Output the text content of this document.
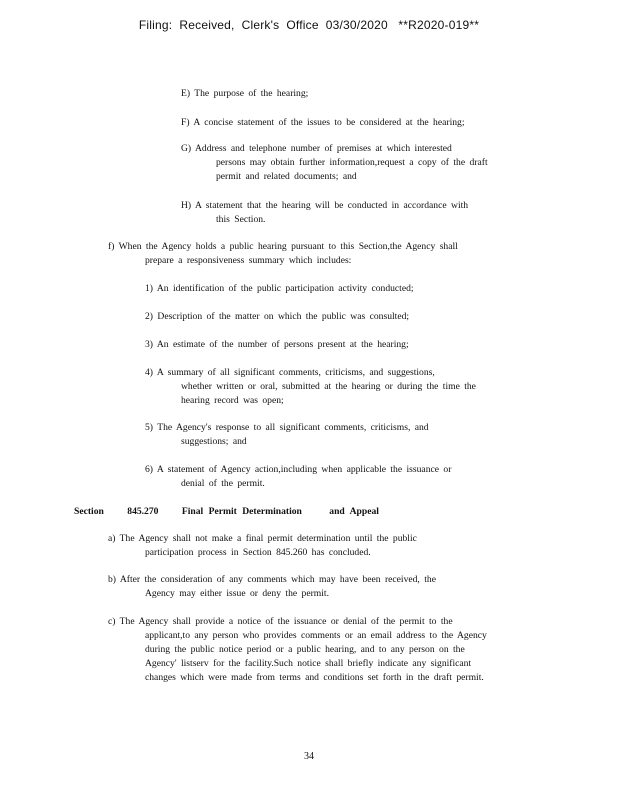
Filing:  Received,  Clerk's  Office  03/30/2020   **R2020-019**
E) The purpose of the hearing;
F) A concise statement of the issues to be considered at the hearing;
G) Address and telephone number of premises at which interested
persons may obtain further information,request a copy of the draft
permit and related documents; and
H) A statement that the hearing will be conducted in accordance with
this Section.
f) When the Agency holds a public hearing pursuant to this Section,the Agency shall
prepare a responsiveness summary which includes:
1) An identification of the public participation activity conducted;
2) Description of the matter on which the public was consulted;
3) An estimate of the number of persons present at the hearing;
4) A summary of all significant comments, criticisms, and suggestions,
whether written or oral, submitted at the hearing or during the time the
hearing record was open;
5) The Agency's response to all significant comments, criticisms, and
suggestions; and
6) A statement of Agency action,including when applicable the issuance or
denial of the permit.
Section 845.270 Final Permit Determination	and Appeal
a) The Agency shall not make a final permit determination until the public
participation process in Section 845.260 has concluded.
b) After the consideration of any comments which may have been received, the
Agency may either issue or deny the permit.
c) The Agency shall provide a notice of the issuance or denial of the permit to the
applicant,to any person who provides comments or an email address to the Agency
during the public notice period or a public hearing, and to any person on the
Agency' listserv for the facility.Such notice shall briefly indicate any significant
changes which were made from terms and conditions set forth in the draft permit.
34
